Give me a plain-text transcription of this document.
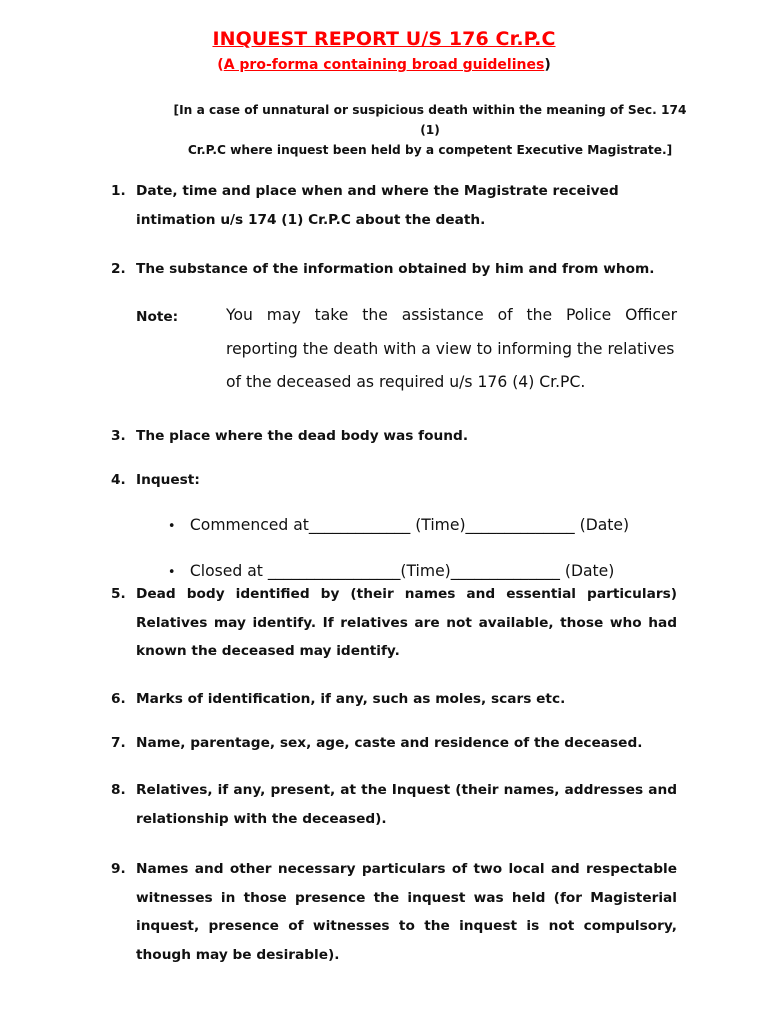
INQUEST REPORT U/S 176 Cr.P.C
(A pro-forma containing broad guidelines)
[In a case of unnatural or suspicious death within the meaning of Sec. 174 (1)
Cr.P.C where inquest been held by a competent Executive Magistrate.]
1. Date, time and place when and where the Magistrate received
intimation u/s 174 (1) Cr.P.C about the death.
2. The substance of the information obtained by him and from whom.
Note:	You may take the assistance of the Police Officer
reporting the death with a view to informing the relatives
of the deceased as required u/s 176 (4) Cr.PC.
3. The place where the dead body was found.
4. Inquest:

• Commenced at_____________ (Time)______________ (Date)

• Closed at _________________(Time)______________ (Date)

5. Dead body identified by (their names and essential particulars)
Relatives may identify. If relatives are not available, those who had
known the deceased may identify.
6. Marks of identification, if any, such as moles, scars etc.
7. Name, parentage, sex, age, caste and residence of the deceased.
8. Relatives, if any, present, at the Inquest (their names, addresses and
relationship with the deceased).
9. Names and other necessary particulars of two local and respectable
witnesses in those presence the inquest was held (for Magisterial
inquest, presence of witnesses to the inquest is not compulsory,
though may be desirable).
